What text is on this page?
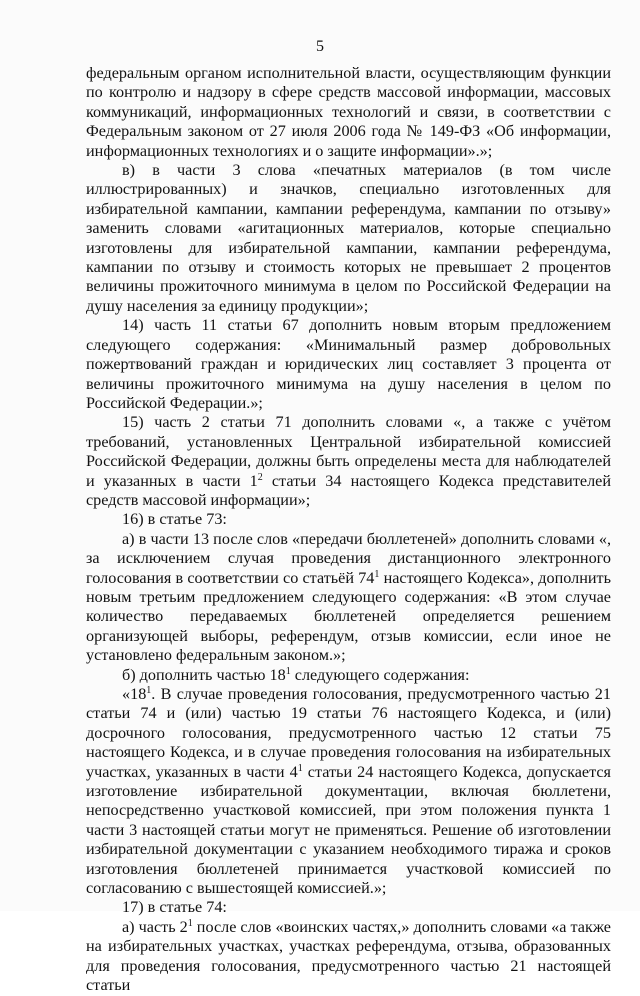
5

федеральным органом исполнительной власти, осуществляющим функции по контролю и надзору в сфере средств массовой информации, массовых коммуникаций, информационных технологий и связи, в соответствии с Федеральным законом от 27 июля 2006 года № 149-ФЗ «Об информации, информационных технологиях и о защите информации».»;

в) в части 3 слова «печатных материалов (в том числе иллюстрированных) и значков, специально изготовленных для избирательной кампании, кампании референдума, кампании по отзыву» заменить словами «агитационных материалов, которые специально изготовлены для избирательной кампании, кампании референдума, кампании по отзыву и стоимость которых не превышает 2 процентов величины прожиточного минимума в целом по Российской Федерации на душу населения за единицу продукции»;

14) часть 11 статьи 67 дополнить новым вторым предложением следующего содержания: «Минимальный размер добровольных пожертвований граждан и юридических лиц составляет 3 процента от величины прожиточного минимума на душу населения в целом по Российской Федерации.»;

15) часть 2 статьи 71 дополнить словами «, а также с учётом требований, установленных Центральной избирательной комиссией Российской Федерации, должны быть определены места для наблюдателей и указанных в части $1^2$ статьи 34 настоящего Кодекса представителей средств массовой информации»;

16) в статье 73:

а) в части 13 после слов «передачи бюллетеней» дополнить словами «, за исключением случая проведения дистанционного электронного голосования в соответствии со статьёй $74^1$ настоящего Кодекса», дополнить новым третьим предложением следующего содержания: «В этом случае количество передаваемых бюллетеней определяется решением организующей выборы, референдум, отзыв комиссии, если иное не установлено федеральным законом.»;

б) дополнить частью $18^1$ следующего содержания:

«$18^1$. В случае проведения голосования, предусмотренного частью 21 статьи 74 и (или) частью 19 статьи 76 настоящего Кодекса, и (или) досрочного голосования, предусмотренного частью 12 статьи 75 настоящего Кодекса, и в случае проведения голосования на избирательных участках, указанных в части $4^1$ статьи 24 настоящего Кодекса, допускается изготовление избирательной документации, включая бюллетени, непосредственно участковой комиссией, при этом положения пункта 1 части 3 настоящей статьи могут не применяться. Решение об изготовлении избирательной документации с указанием необходимого тиража и сроков изготовления бюллетеней принимается участковой комиссией по согласованию с вышестоящей комиссией.»;

17) в статье 74:

а) часть $2^1$ после слов «воинских частях,» дополнить словами «а также на избирательных участках, участках референдума, отзыва, образованных для проведения голосования, предусмотренного частью 21 настоящей статьи
